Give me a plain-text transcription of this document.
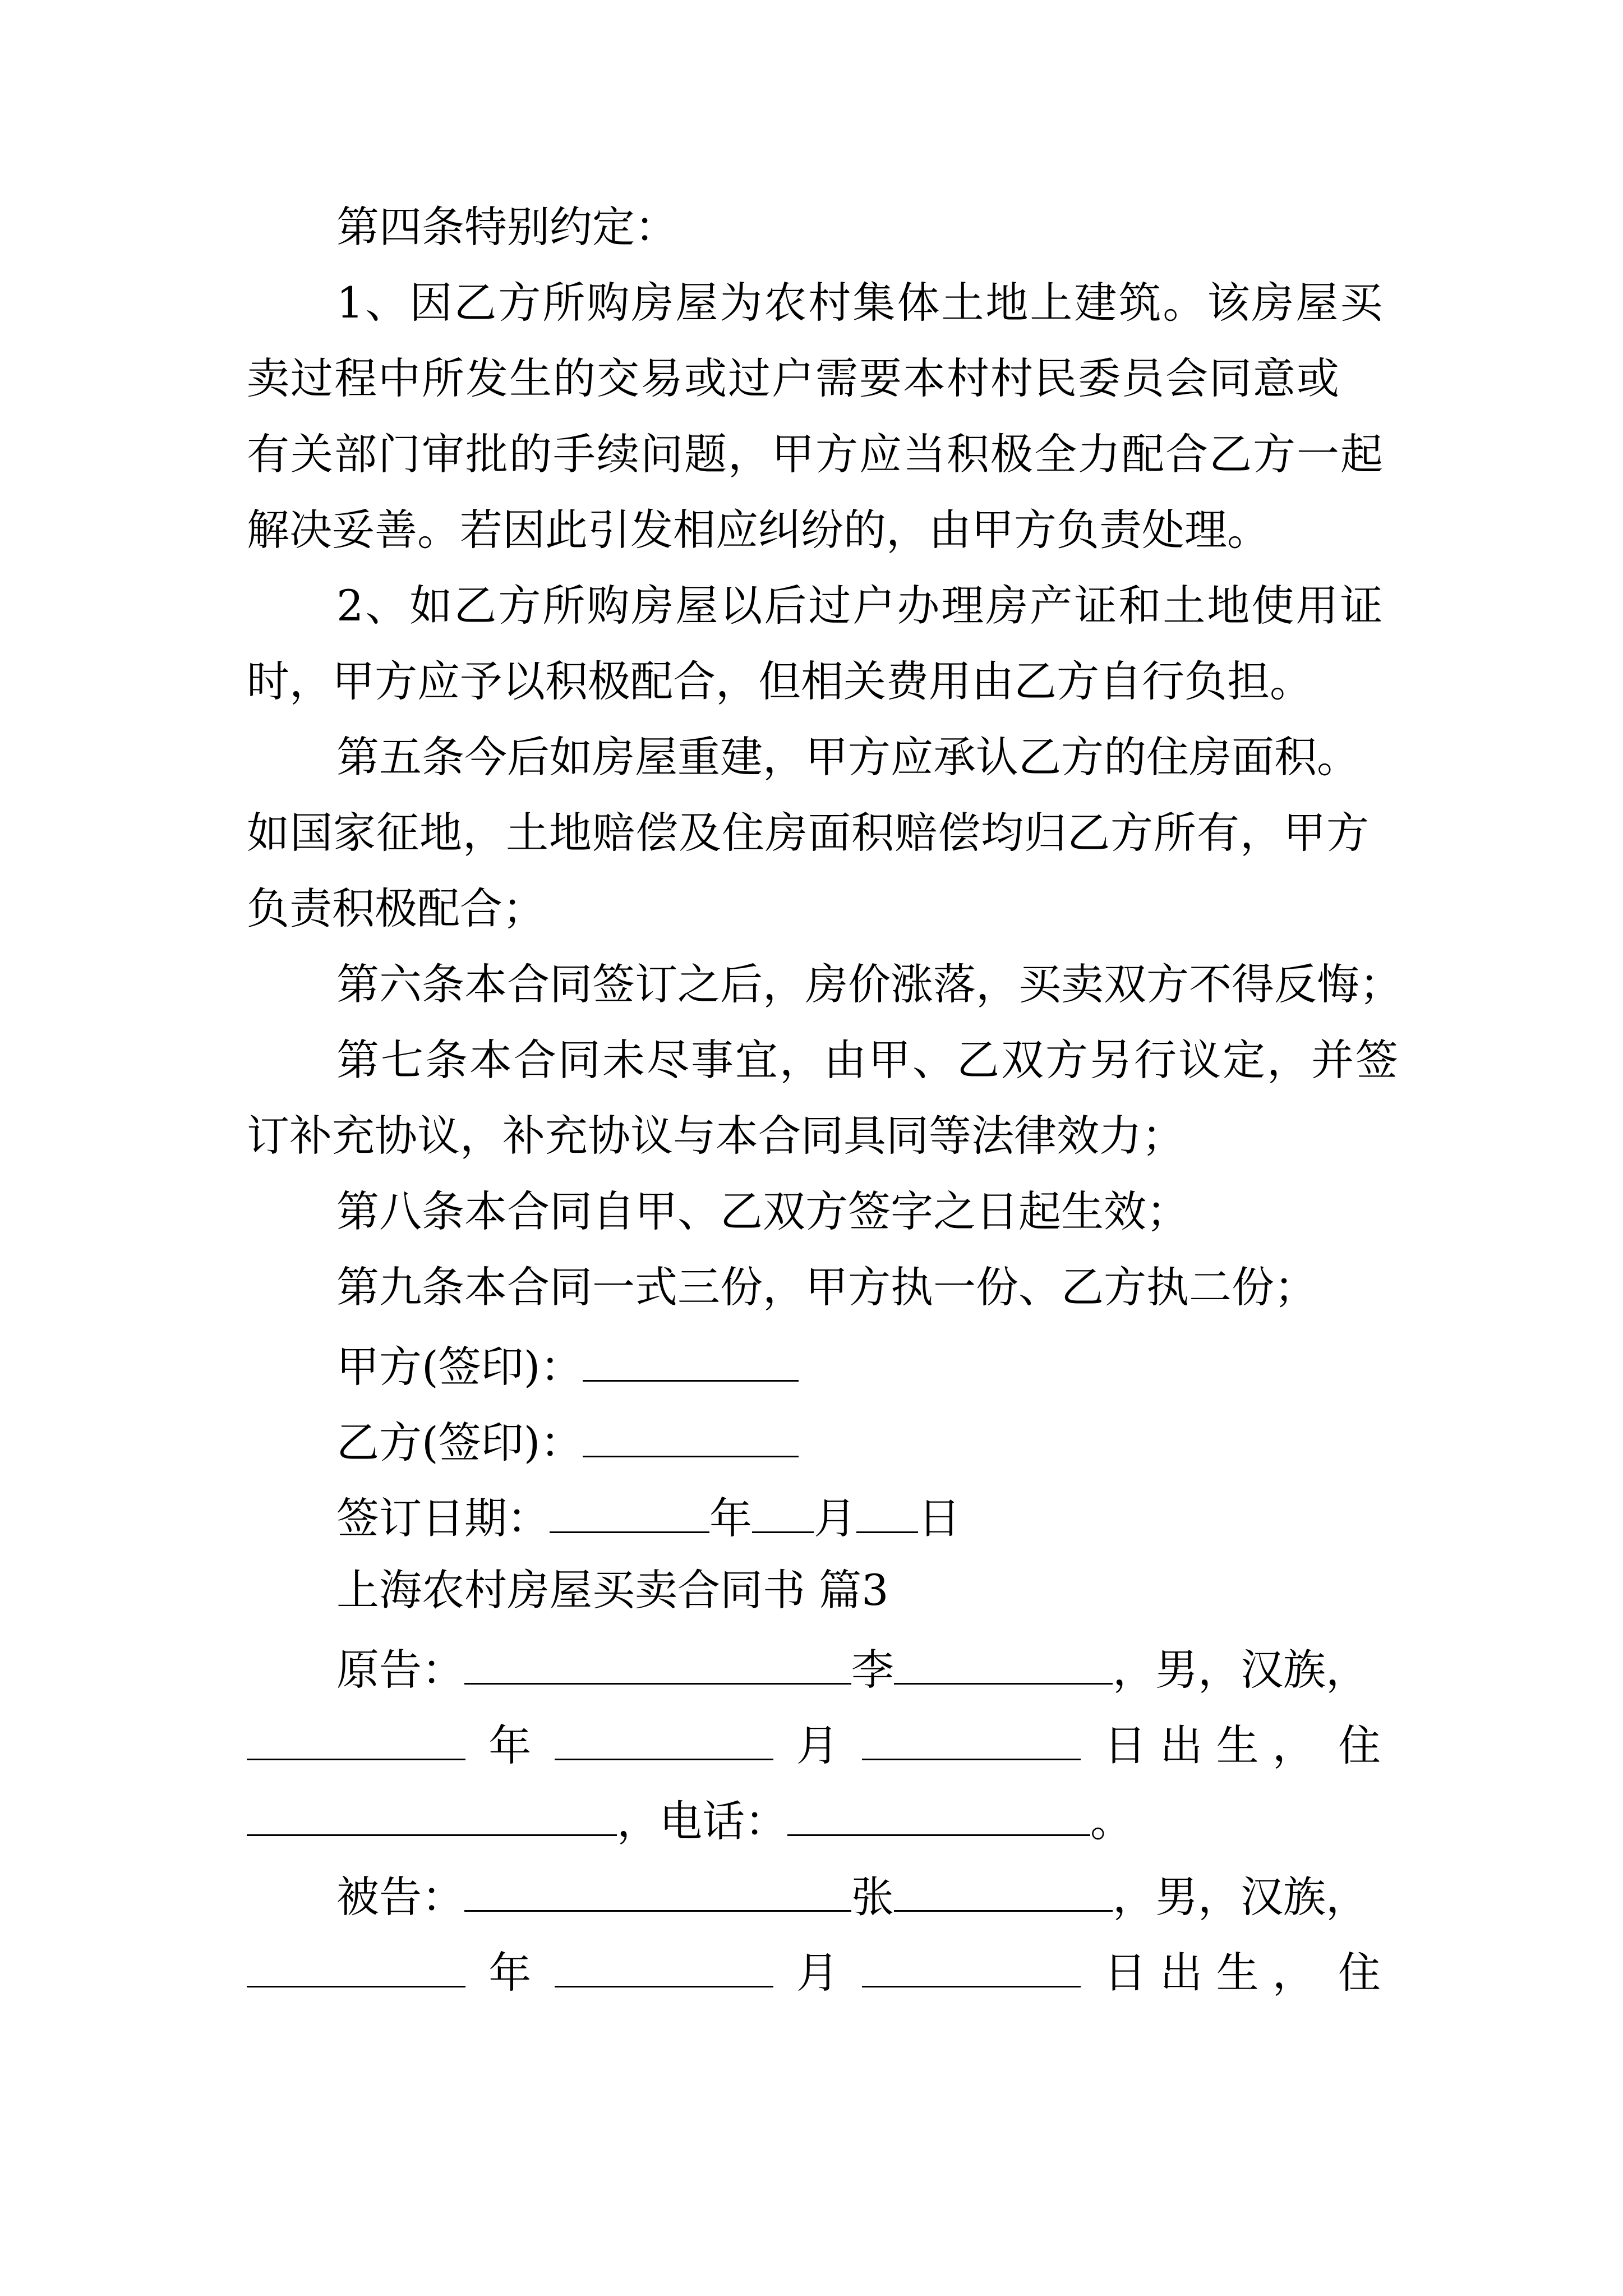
第四条特别约定：
1、因乙方所购房屋为农村集体土地上建筑。该房屋买
卖过程中所发生的交易或过户需要本村村民委员会同意或
有关部门审批的手续问题，甲方应当积极全力配合乙方一起
解决妥善。若因此引发相应纠纷的，由甲方负责处理。
2、如乙方所购房屋以后过户办理房产证和土地使用证
时，甲方应予以积极配合，但相关费用由乙方自行负担。
第五条今后如房屋重建，甲方应承认乙方的住房面积。
如国家征地，土地赔偿及住房面积赔偿均归乙方所有，甲方
负责积极配合；
第六条本合同签订之后，房价涨落，买卖双方不得反悔；
第七条本合同未尽事宜，由甲、乙双方另行议定，并签
订补充协议，补充协议与本合同具同等法律效力；
第八条本合同自甲、乙双方签字之日起生效；
第九条本合同一式三份，甲方执一份、乙方执二份；
甲方(签印)：
乙方(签印)：
签订日期：	年 月 日
上海农村房屋买卖合同书 篇3
原告：	李	，男，汉族，
年	月	日 出 生 ， 住
，电话：	。
被告：	张	，男，汉族，
年	月	日 出 生 ， 住
